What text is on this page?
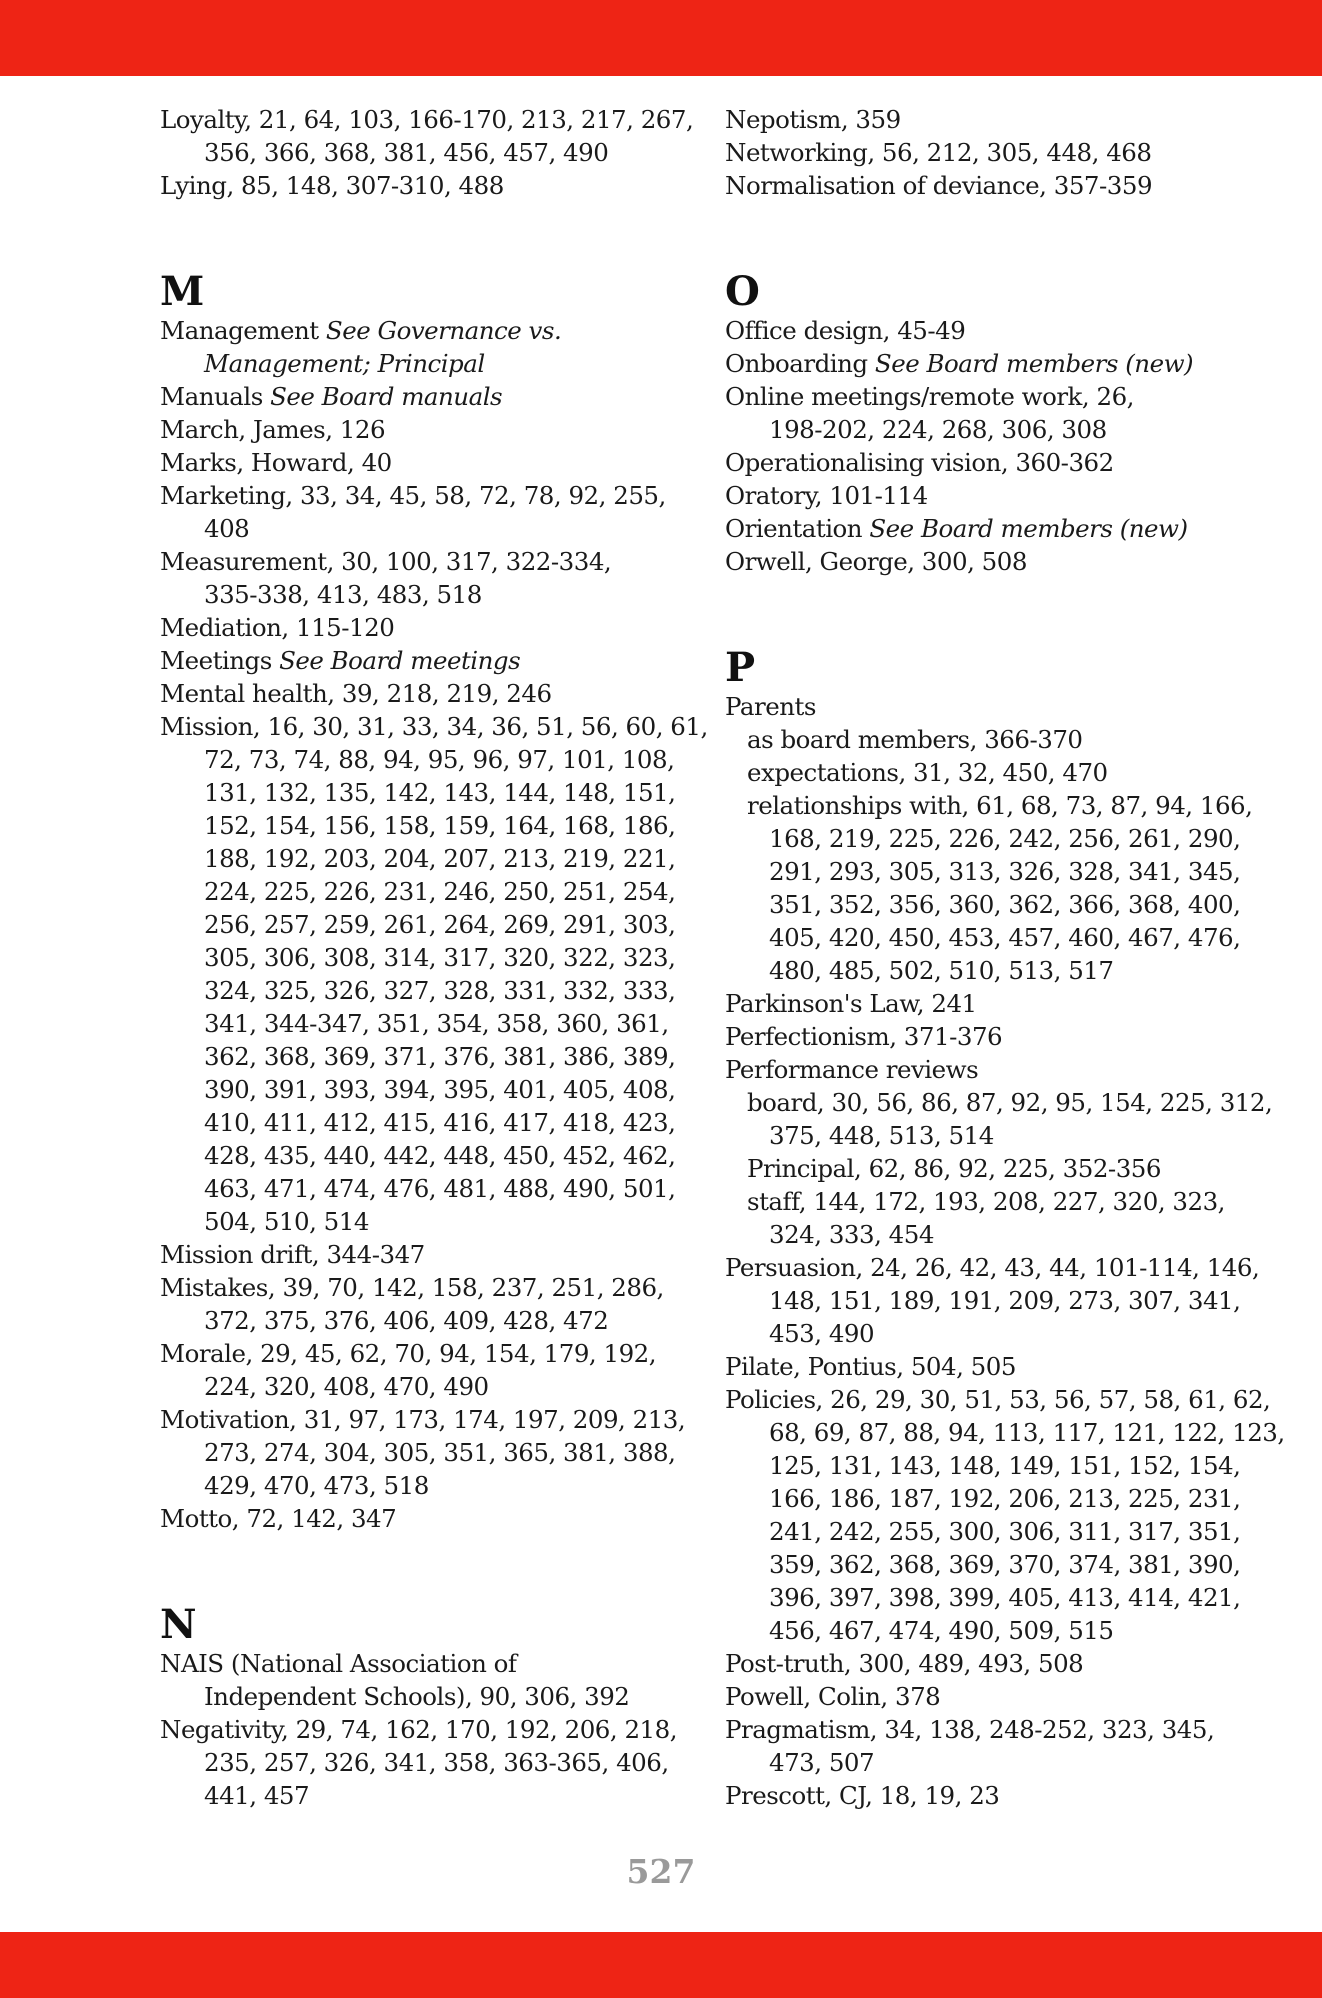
Loyalty, 21, 64, 103, 166-170, 213, 217, 267,
356, 366, 368, 381, 456, 457, 490
Lying, 85, 148, 307-310, 488
M
Management See Governance vs.
Management; Principal
Manuals See Board manuals
March, James, 126
Marks, Howard, 40
Marketing, 33, 34, 45, 58, 72, 78, 92, 255,
408
Measurement, 30, 100, 317, 322-334,
335-338, 413, 483, 518
Mediation, 115-120
Meetings See Board meetings
Mental health, 39, 218, 219, 246
Mission, 16, 30, 31, 33, 34, 36, 51, 56, 60, 61,
72, 73, 74, 88, 94, 95, 96, 97, 101, 108,
131, 132, 135, 142, 143, 144, 148, 151,
152, 154, 156, 158, 159, 164, 168, 186,
188, 192, 203, 204, 207, 213, 219, 221,
224, 225, 226, 231, 246, 250, 251, 254,
256, 257, 259, 261, 264, 269, 291, 303,
305, 306, 308, 314, 317, 320, 322, 323,
324, 325, 326, 327, 328, 331, 332, 333,
341, 344-347, 351, 354, 358, 360, 361,
362, 368, 369, 371, 376, 381, 386, 389,
390, 391, 393, 394, 395, 401, 405, 408,
410, 411, 412, 415, 416, 417, 418, 423,
428, 435, 440, 442, 448, 450, 452, 462,
463, 471, 474, 476, 481, 488, 490, 501,
504, 510, 514
Mission drift, 344-347
Mistakes, 39, 70, 142, 158, 237, 251, 286,
372, 375, 376, 406, 409, 428, 472
Morale, 29, 45, 62, 70, 94, 154, 179, 192,
224, 320, 408, 470, 490
Motivation, 31, 97, 173, 174, 197, 209, 213,
273, 274, 304, 305, 351, 365, 381, 388,
429, 470, 473, 518
Motto, 72, 142, 347
N
NAIS (National Association of
Independent Schools), 90, 306, 392
Negativity, 29, 74, 162, 170, 192, 206, 218,
235, 257, 326, 341, 358, 363-365, 406,
441, 457
Nepotism, 359
Networking, 56, 212, 305, 448, 468
Normalisation of deviance, 357-359
O
Office design, 45-49
Onboarding See Board members (new)
Online meetings/remote work, 26,
198-202, 224, 268, 306, 308
Operationalising vision, 360-362
Oratory, 101-114
Orientation See Board members (new)
Orwell, George, 300, 508
P
Parents
as board members, 366-370
expectations, 31, 32, 450, 470
relationships with, 61, 68, 73, 87, 94, 166,
168, 219, 225, 226, 242, 256, 261, 290,
291, 293, 305, 313, 326, 328, 341, 345,
351, 352, 356, 360, 362, 366, 368, 400,
405, 420, 450, 453, 457, 460, 467, 476,
480, 485, 502, 510, 513, 517
Parkinson's Law, 241
Perfectionism, 371-376
Performance reviews
board, 30, 56, 86, 87, 92, 95, 154, 225, 312,
375, 448, 513, 514
Principal, 62, 86, 92, 225, 352-356
staff, 144, 172, 193, 208, 227, 320, 323,
324, 333, 454
Persuasion, 24, 26, 42, 43, 44, 101-114, 146,
148, 151, 189, 191, 209, 273, 307, 341,
453, 490
Pilate, Pontius, 504, 505
Policies, 26, 29, 30, 51, 53, 56, 57, 58, 61, 62,
68, 69, 87, 88, 94, 113, 117, 121, 122, 123,
125, 131, 143, 148, 149, 151, 152, 154,
166, 186, 187, 192, 206, 213, 225, 231,
241, 242, 255, 300, 306, 311, 317, 351,
359, 362, 368, 369, 370, 374, 381, 390,
396, 397, 398, 399, 405, 413, 414, 421,
456, 467, 474, 490, 509, 515
Post-truth, 300, 489, 493, 508
Powell, Colin, 378
Pragmatism, 34, 138, 248-252, 323, 345,
473, 507
Prescott, CJ, 18, 19, 23
527
